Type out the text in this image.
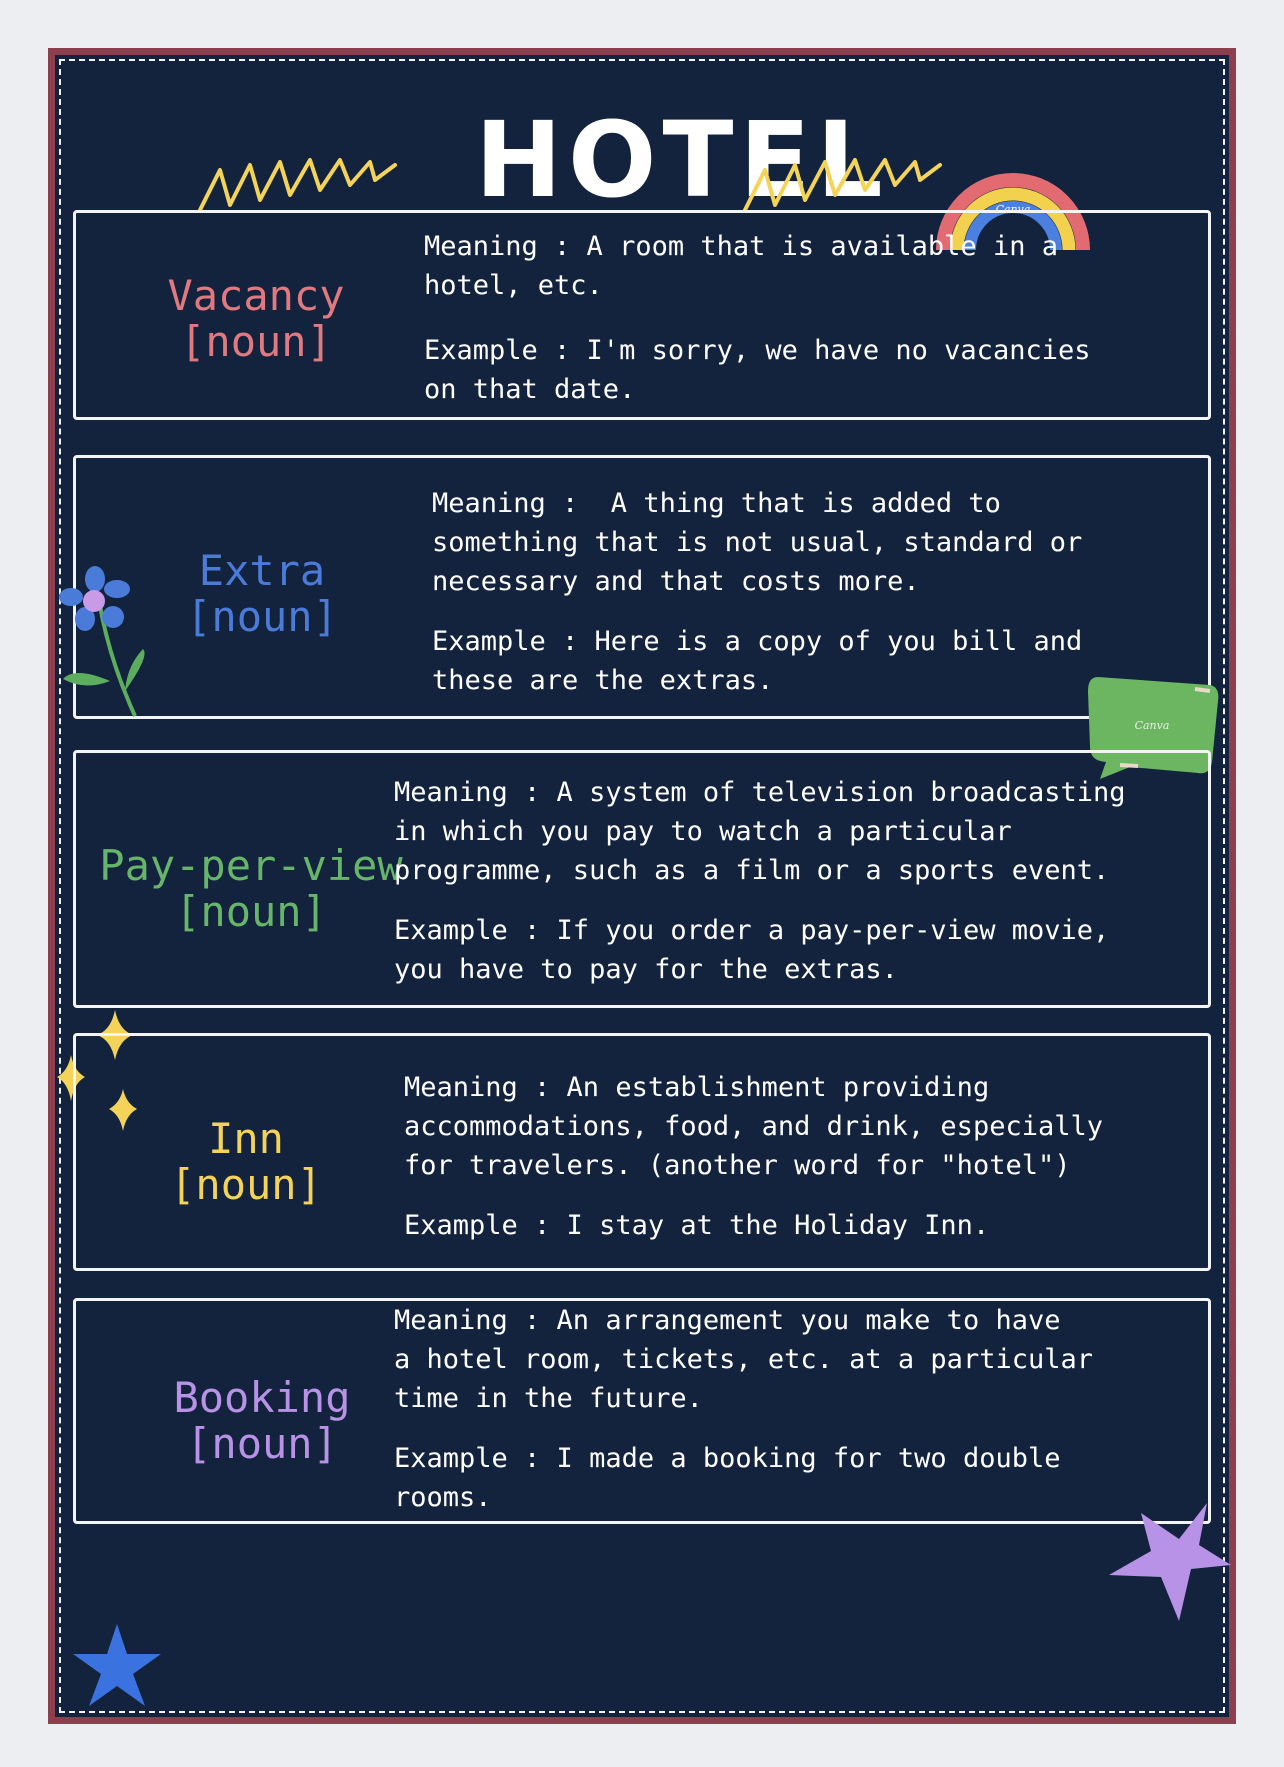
HOTEL	Canva
Vacancy
[noun]
Meaning : A room that is available in a
hotel, etc.
Example : I'm sorry, we have no vacancies
on that date.
Extra
[noun]
Meaning :  A thing that is added to
something that is not usual, standard or
necessary and that costs more.
Example : Here is a copy of you bill and
these are the extras.
Canva
Pay-per-view
[noun]
Meaning : A system of television broadcasting
in which you pay to watch a particular
programme, such as a film or a sports event.
Example : If you order a pay-per-view movie,
you have to pay for the extras.
Inn
[noun]
Meaning : An establishment providing
accommodations, food, and drink, especially
for travelers. (another word for "hotel")
Example : I stay at the Holiday Inn.
Booking
[noun]
Meaning : An arrangement you make to have
a hotel room, tickets, etc. at a particular
time in the future.
Example : I made a booking for two double
rooms.
